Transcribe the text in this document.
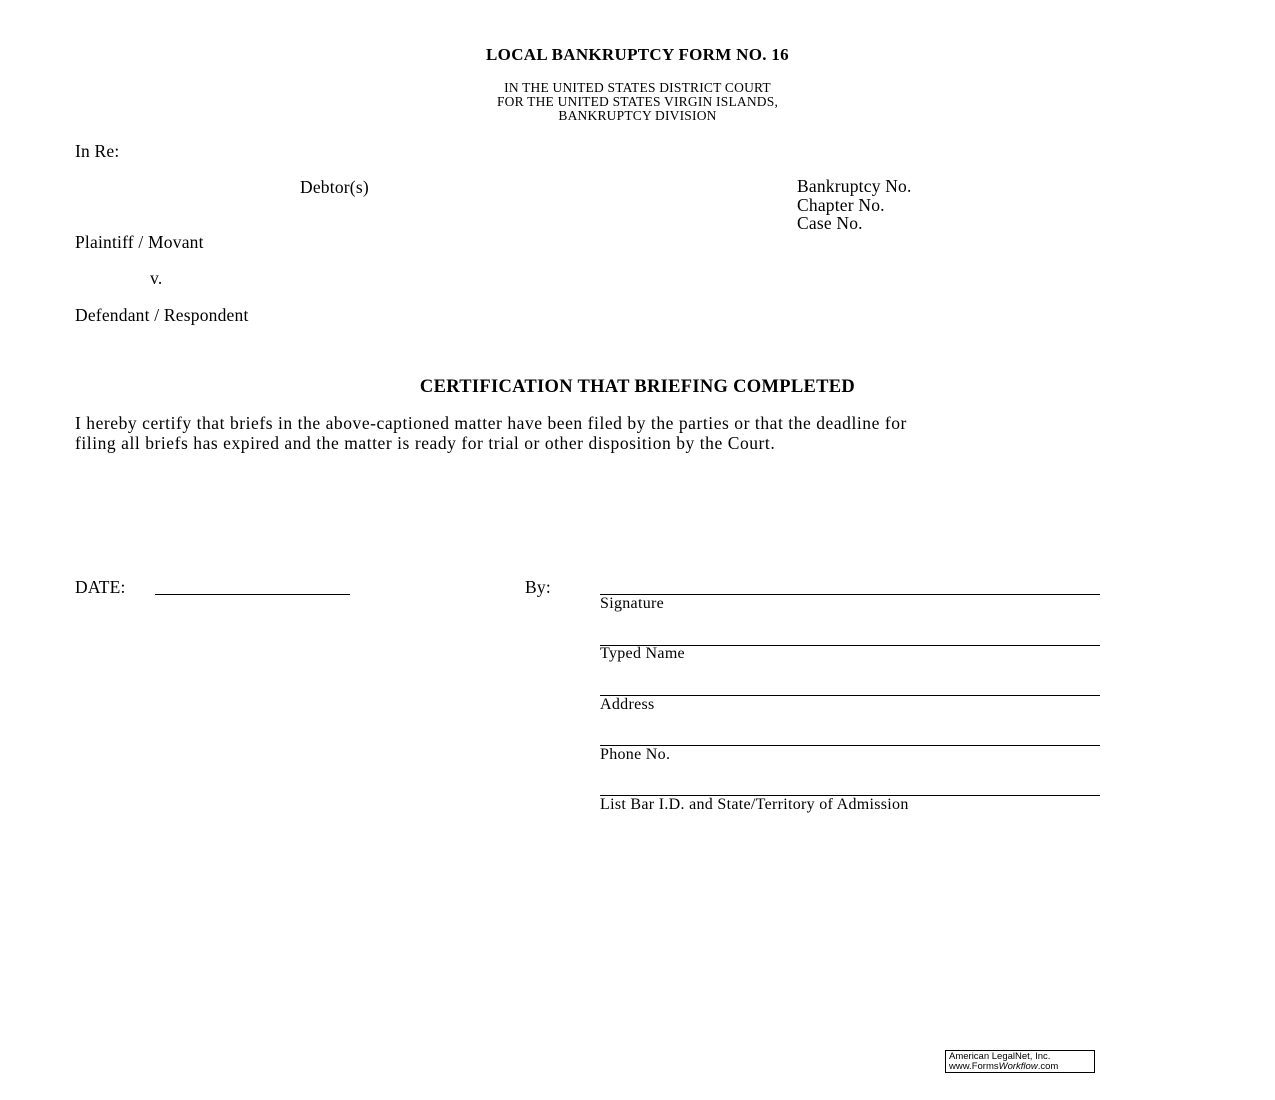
LOCAL BANKRUPTCY FORM NO. 16
IN THE UNITED STATES DISTRICT COURT
FOR THE UNITED STATES VIRGIN ISLANDS,
BANKRUPTCY DIVISION
In Re:
Debtor(s)	Bankruptcy No.
Chapter No.
Case No.
Plaintiff / Movant
v.
Defendant / Respondent
CERTIFICATION THAT BRIEFING COMPLETED
I hereby certify that briefs in the above-captioned matter have been filed by the parties or that the deadline for
filing all briefs has expired and the matter is ready for trial or other disposition by the Court.
DATE:	By:
Signature
Typed Name
Address
Phone No.
List Bar I.D. and State/Territory of Admission
American LegalNet, Inc.
www.FormsWorkflow.com
